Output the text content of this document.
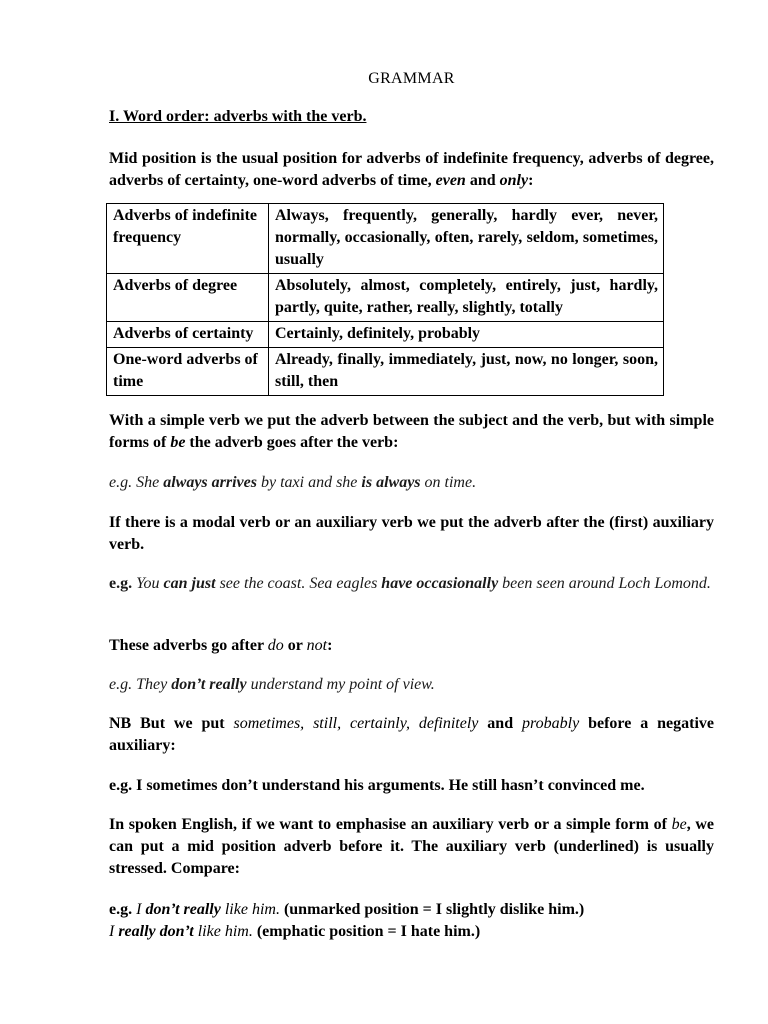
GRAMMAR
I. Word order: adverbs with the verb.

Mid position is the usual position for adverbs of indefinite frequency, adverbs of degree, adverbs of certainty, one-word adverbs of time, even and only:

Adverbs of indefinite frequency	Always, frequently, generally, hardly ever, never, normally, occasionally, often, rarely, seldom, sometimes, usually
Adverbs of degree	Absolutely, almost, completely, entirely, just, hardly, partly, quite, rather, really, slightly, totally
Adverbs of certainty	Certainly, definitely, probably
One-word adverbs of time	Already, finally, immediately, just, now, no longer, soon, still, then

With a simple verb we put the adverb between the subject and the verb, but with simple forms of be the adverb goes after the verb:

e.g. She always arrives by taxi and she is always on time.

If there is a modal verb or an auxiliary verb we put the adverb after the (first) auxiliary verb.

e.g. You can just see the coast. Sea eagles have occasionally been seen around Loch Lomond.

These adverbs go after do or not:

e.g. They don’t really understand my point of view.

NB But we put sometimes, still, certainly, definitely and probably before a negative auxiliary:

e.g. I sometimes don’t understand his arguments. He still hasn’t convinced me.

In spoken English, if we want to emphasise an auxiliary verb or a simple form of be, we can put a mid position adverb before it. The auxiliary verb (underlined) is usually stressed. Compare:

e.g. I don’t really like him. (unmarked position = I slightly dislike him.)
I really don’t like him. (emphatic position = I hate him.)
